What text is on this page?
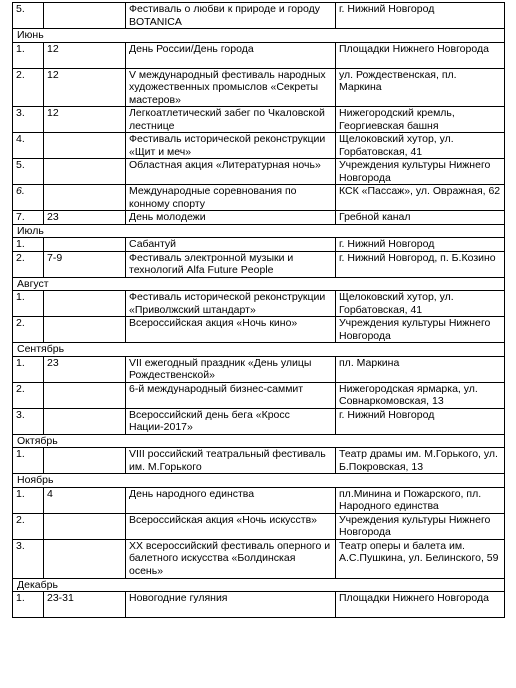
5.		Фестиваль о любви к природе и городу BOTANICA	г. Нижний Новгород
Июнь			
1.	12	День России/День города	Площадки Нижнего Новгорода
2.	12	V международный фестиваль народных художественных промыслов «Секреты мастеров»	ул. Рождественская, пл. Маркина
3.	12	Легкоатлетический забег по Чкаловской лестнице	Нижегородский кремль, Георгиевская башня
4.		Фестиваль исторической реконструкции «Щит и меч»	Щелоковский хутор, ул. Горбатовская, 41
5.		Областная акция «Литературная ночь»	Учреждения культуры Нижнего Новгорода
6.		Международные соревнования по конному спорту	КСК «Пассаж», ул. Овражная, 62
7.	23	День молодежи	Гребной канал
Июль			
1.		Сабантуй	г. Нижний Новгород
2.	7-9	Фестиваль электронной музыки и технологий Alfa Future People	г. Нижний Новгород, п. Б.Козино
Август			
1.		Фестиваль исторической реконструкции «Приволжский штандарт»	Щелоковский хутор, ул. Горбатовская, 41
2.		Всероссийская акция «Ночь кино»	Учреждения культуры Нижнего Новгорода
Сентябрь			
1.	23	VII ежегодный праздник «День улицы Рождественской»	пл. Маркина
2.		6-й международный бизнес-саммит	Нижегородская ярмарка, ул. Совнаркомовская, 13
3.		Всероссийский день бега «Кросс Нации-2017»	г. Нижний Новгород
Октябрь			
1.		VIII российский театральный фестиваль им. М.Горького	Театр драмы им. М.Горького, ул. Б.Покровская, 13
Ноябрь			
1.	4	День народного единства	пл.Минина и Пожарского, пл. Народного единства
2.		Всероссийская акция «Ночь искусств»	Учреждения культуры Нижнего Новгорода
3.		XX всероссийский фестиваль оперного и балетного искусства «Болдинская осень»	Театр оперы и балета им. А.С.Пушкина, ул. Белинского, 59
Декабрь			
1.	23-31	Новогодние гуляния	Площадки Нижнего Новгорода
